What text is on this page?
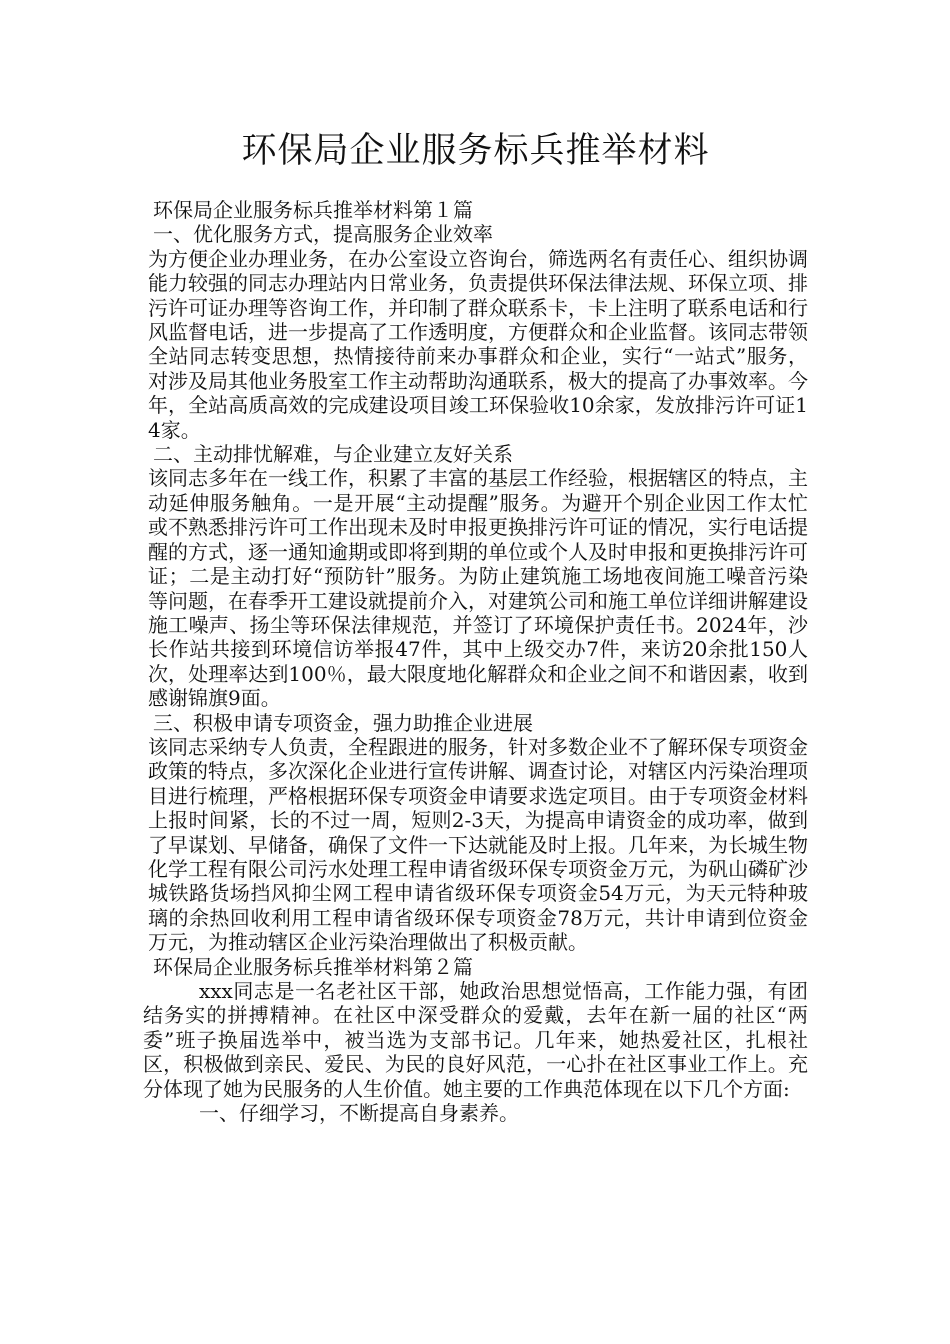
环保局企业服务标兵推举材料

环保局企业服务标兵推举材料第１篇

一、优化服务方式，提高服务企业效率

为方便企业办理业务，在办公室设立咨询台，筛选两名有责任心、组织协调能力较强的同志办理站内日常业务，负责提供环保法律法规、环保立项、排污许可证办理等咨询工作，并印制了群众联系卡，卡上注明了联系电话和行风监督电话，进一步提高了工作透明度，方便群众和企业监督。该同志带领全站同志转变思想，热情接待前来办事群众和企业，实行“一站式”服务，对涉及局其他业务股室工作主动帮助沟通联系，极大的提高了办事效率。今年，全站高质高效的完成建设项目竣工环保验收10余家，发放排污许可证14家。

二、主动排忧解难，与企业建立友好关系

该同志多年在一线工作，积累了丰富的基层工作经验，根据辖区的特点，主动延伸服务触角。一是开展“主动提醒”服务。为避开个别企业因工作太忙或不熟悉排污许可工作出现未及时申报更换排污许可证的情况，实行电话提醒的方式，逐一通知逾期或即将到期的单位或个人及时申报和更换排污许可证；二是主动打好“预防针”服务。为防止建筑施工场地夜间施工噪音污染等问题，在春季开工建设就提前介入，对建筑公司和施工单位详细讲解建设施工噪声、扬尘等环保法律规范，并签订了环境保护责任书。2024年，沙长作站共接到环境信访举报47件，其中上级交办7件，来访20余批150人次，处理率达到100％，最大限度地化解群众和企业之间不和谐因素，收到感谢锦旗9面。

三、积极申请专项资金，强力助推企业进展

该同志采纳专人负责，全程跟进的服务，针对多数企业不了解环保专项资金政策的特点，多次深化企业进行宣传讲解、调查讨论，对辖区内污染治理项目进行梳理，严格根据环保专项资金申请要求选定项目。由于专项资金材料上报时间紧，长的不过一周，短则2-3天，为提高申请资金的成功率，做到了早谋划、早储备，确保了文件一下达就能及时上报。几年来，为长城生物化学工程有限公司污水处理工程申请省级环保专项资金万元，为矾山磷矿沙城铁路货场挡风抑尘网工程申请省级环保专项资金54万元，为天元特种玻璃的余热回收利用工程申请省级环保专项资金78万元，共计申请到位资金万元，为推动辖区企业污染治理做出了积极贡献。

环保局企业服务标兵推举材料第２篇

xxx同志是一名老社区干部，她政治思想觉悟高，工作能力强，有团结务实的拼搏精神。在社区中深受群众的爱戴，去年在新一届的社区“两委”班子换届选举中，被当选为支部书记。几年来，她热爱社区，扎根社区，积极做到亲民、爱民、为民的良好风范，一心扑在社区事业工作上。充分体现了她为民服务的人生价值。她主要的工作典范体现在以下几个方面:

一、仔细学习，不断提高自身素养。
